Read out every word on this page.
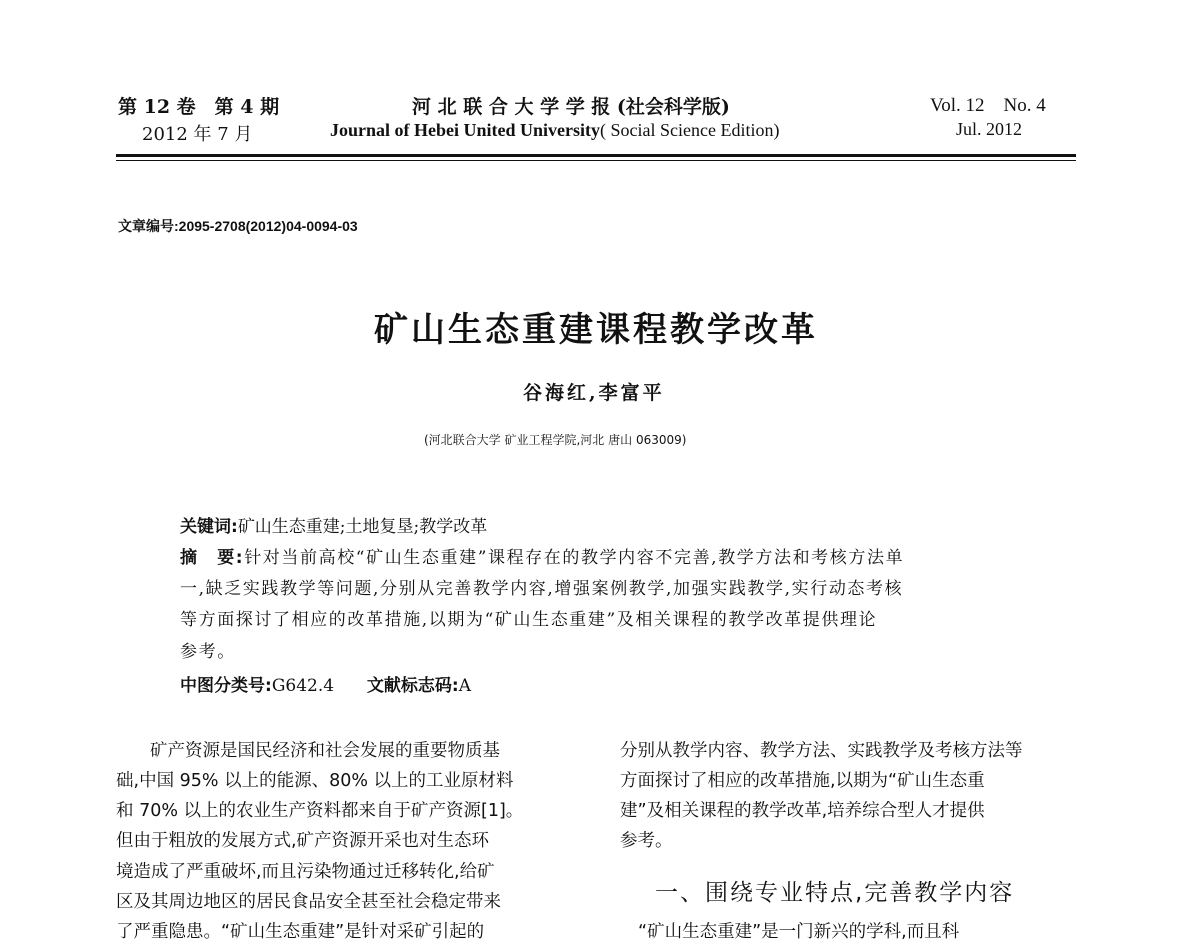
第 12 卷　第 4 期
2012 年 7 月
河 北 联 合 大 学 学 报 (社会科学版)
Journal of Hebei United University( Social Science Edition)
Vol. 12　No. 4
Jul. 2012
文章编号:2095-2708(2012)04-0094-03
矿山生态重建课程教学改革
谷海红,李富平
(河北联合大学 矿业工程学院,河北 唐山 063009)
关键词:矿山生态重建;土地复垦;教学改革
摘　要:针对当前高校“矿山生态重建”课程存在的教学内容不完善,教学方法和考核方法单
一,缺乏实践教学等问题,分别从完善教学内容,增强案例教学,加强实践教学,实行动态考核
等方面探讨了相应的改革措施,以期为“矿山生态重建”及相关课程的教学改革提供理论
参考。
中图分类号:G642.4 文献标志码:A
矿产资源是国民经济和社会发展的重要物质基
础,中国 95% 以上的能源、80% 以上的工业原材料
和 70% 以上的农业生产资料都来自于矿产资源[1]。
但由于粗放的发展方式,矿产资源开采也对生态环
境造成了严重破坏,而且污染物通过迁移转化,给矿
区及其周边地区的居民食品安全甚至社会稳定带来
了严重隐患。“矿山生态重建”是针对采矿引起的
分别从教学内容、教学方法、实践教学及考核方法等
方面探讨了相应的改革措施,以期为“矿山生态重
建”及相关课程的教学改革,培养综合型人才提供
参考。
一、围绕专业特点,完善教学内容
“矿山生态重建”是一门新兴的学科,而且科
